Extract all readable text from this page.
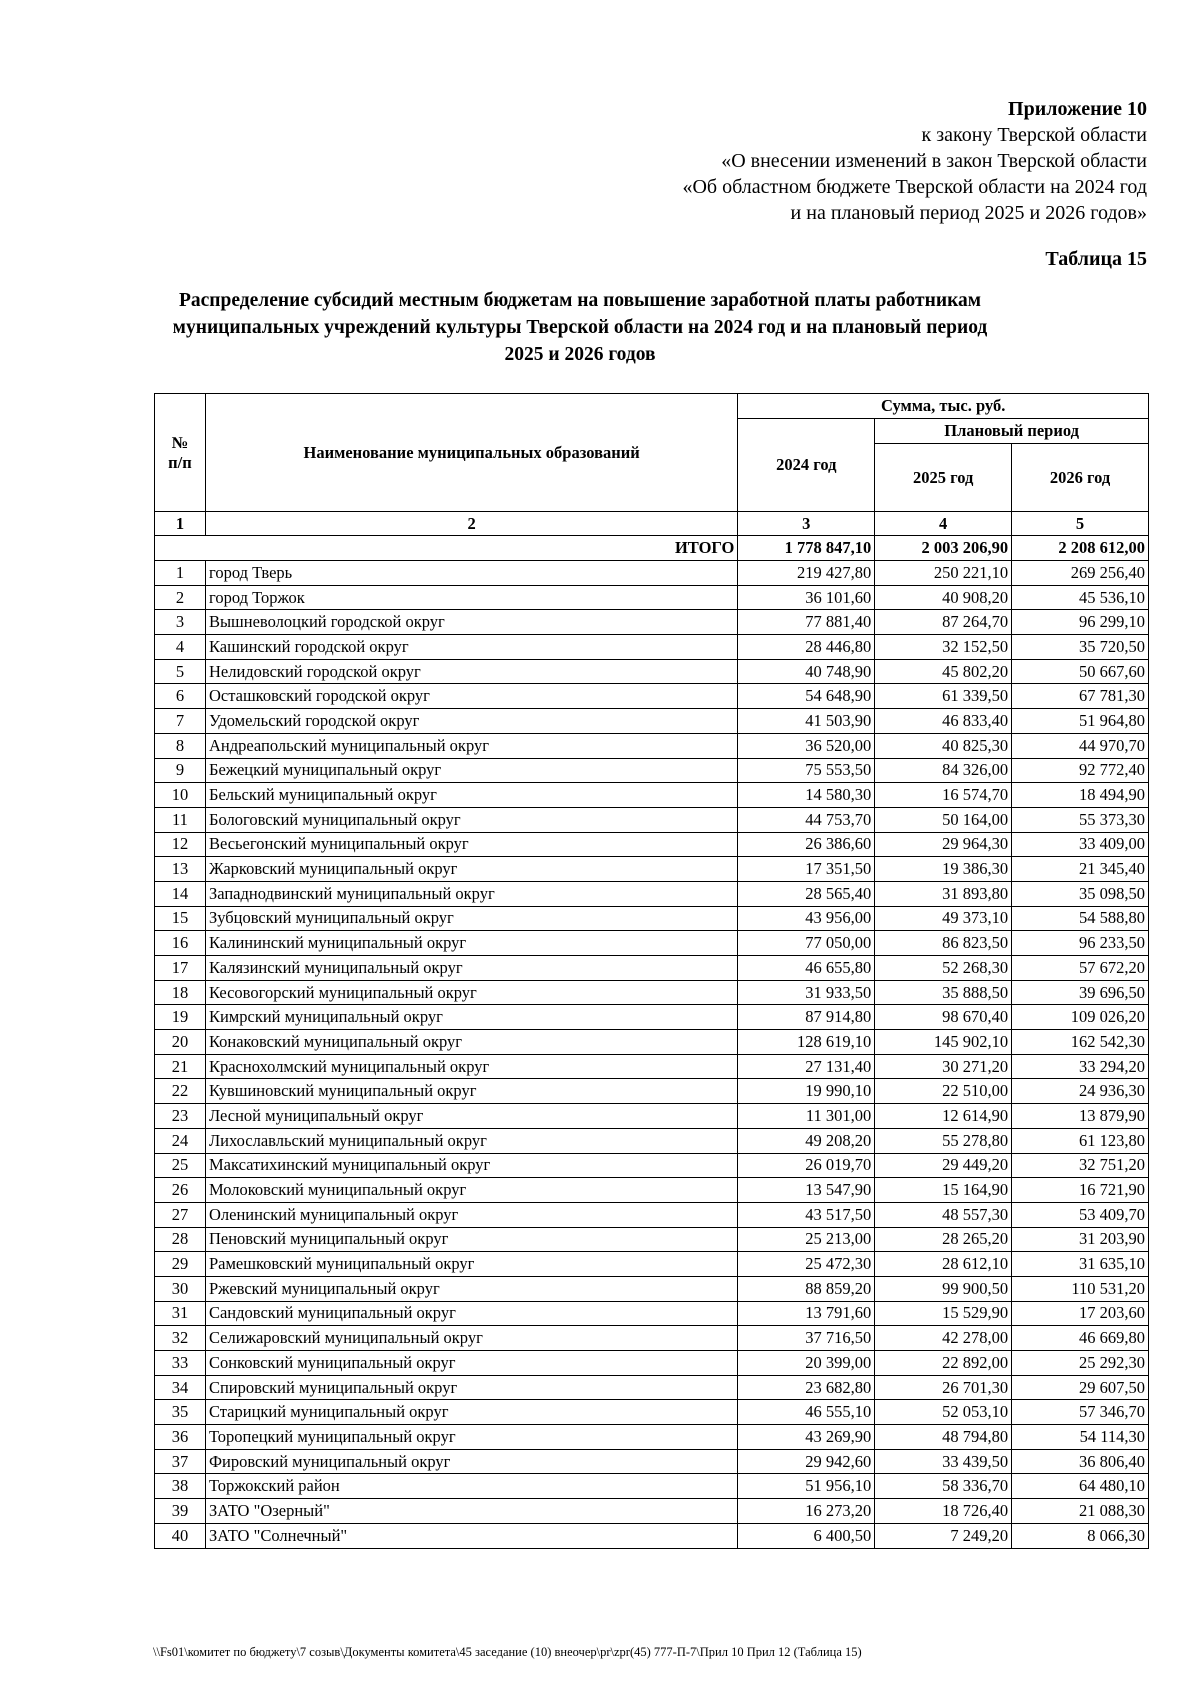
Приложение 10
к закону Тверской области
«О внесении изменений в закон Тверской области
«Об областном бюджете Тверской области на 2024 год
и на плановый период 2025 и 2026 годов»
Таблица 15
Распределение субсидий местным бюджетам на повышение заработной платы работникам
муниципальных учреждений культуры Тверской области на 2024 год и на плановый период
2025 и 2026 годов
№ п/п	Наименование муниципальных образований	Сумма, тыс. руб.		
		2024 год	Плановый период	
			2025 год	2026 год
1	2	3	4	5
ИТОГО		1 778 847,10	2 003 206,90	2 208 612,00
1	город Тверь	219 427,80	250 221,10	269 256,40
2	город Торжок	36 101,60	40 908,20	45 536,10
3	Вышневолоцкий городской округ	77 881,40	87 264,70	96 299,10
4	Кашинский городской округ	28 446,80	32 152,50	35 720,50
5	Нелидовский городской округ	40 748,90	45 802,20	50 667,60
6	Осташковский городской округ	54 648,90	61 339,50	67 781,30
7	Удомельский городской округ	41 503,90	46 833,40	51 964,80
8	Андреапольский муниципальный округ	36 520,00	40 825,30	44 970,70
9	Бежецкий муниципальный округ	75 553,50	84 326,00	92 772,40
10	Бельский муниципальный округ	14 580,30	16 574,70	18 494,90
11	Бологовский муниципальный округ	44 753,70	50 164,00	55 373,30
12	Весьегонский муниципальный округ	26 386,60	29 964,30	33 409,00
13	Жарковский муниципальный округ	17 351,50	19 386,30	21 345,40
14	Западнодвинский муниципальный округ	28 565,40	31 893,80	35 098,50
15	Зубцовский муниципальный округ	43 956,00	49 373,10	54 588,80
16	Калининский муниципальный округ	77 050,00	86 823,50	96 233,50
17	Калязинский муниципальный округ	46 655,80	52 268,30	57 672,20
18	Кесовогорский муниципальный округ	31 933,50	35 888,50	39 696,50
19	Кимрский муниципальный округ	87 914,80	98 670,40	109 026,20
20	Конаковский муниципальный округ	128 619,10	145 902,10	162 542,30
21	Краснохолмский муниципальный округ	27 131,40	30 271,20	33 294,20
22	Кувшиновский муниципальный округ	19 990,10	22 510,00	24 936,30
23	Лесной муниципальный округ	11 301,00	12 614,90	13 879,90
24	Лихославльский муниципальный округ	49 208,20	55 278,80	61 123,80
25	Максатихинский муниципальный округ	26 019,70	29 449,20	32 751,20
26	Молоковский муниципальный округ	13 547,90	15 164,90	16 721,90
27	Оленинский муниципальный округ	43 517,50	48 557,30	53 409,70
28	Пеновский муниципальный округ	25 213,00	28 265,20	31 203,90
29	Рамешковский муниципальный округ	25 472,30	28 612,10	31 635,10
30	Ржевский муниципальный округ	88 859,20	99 900,50	110 531,20
31	Сандовский муниципальный округ	13 791,60	15 529,90	17 203,60
32	Селижаровский муниципальный округ	37 716,50	42 278,00	46 669,80
33	Сонковский муниципальный округ	20 399,00	22 892,00	25 292,30
34	Спировский муниципальный округ	23 682,80	26 701,30	29 607,50
35	Старицкий муниципальный округ	46 555,10	52 053,10	57 346,70
36	Торопецкий муниципальный округ	43 269,90	48 794,80	54 114,30
37	Фировский муниципальный округ	29 942,60	33 439,50	36 806,40
38	Торжокский район	51 956,10	58 336,70	64 480,10
39	ЗАТО "Озерный"	16 273,20	18 726,40	21 088,30
40	ЗАТО "Солнечный"	6 400,50	7 249,20	8 066,30
\\Fs01\комитет по бюджету\7 созыв\Документы комитета\45 заседание (10) внеочер\pr\zpr(45) 777-П-7\Прил 10 Прил 12 (Таблица 15)
